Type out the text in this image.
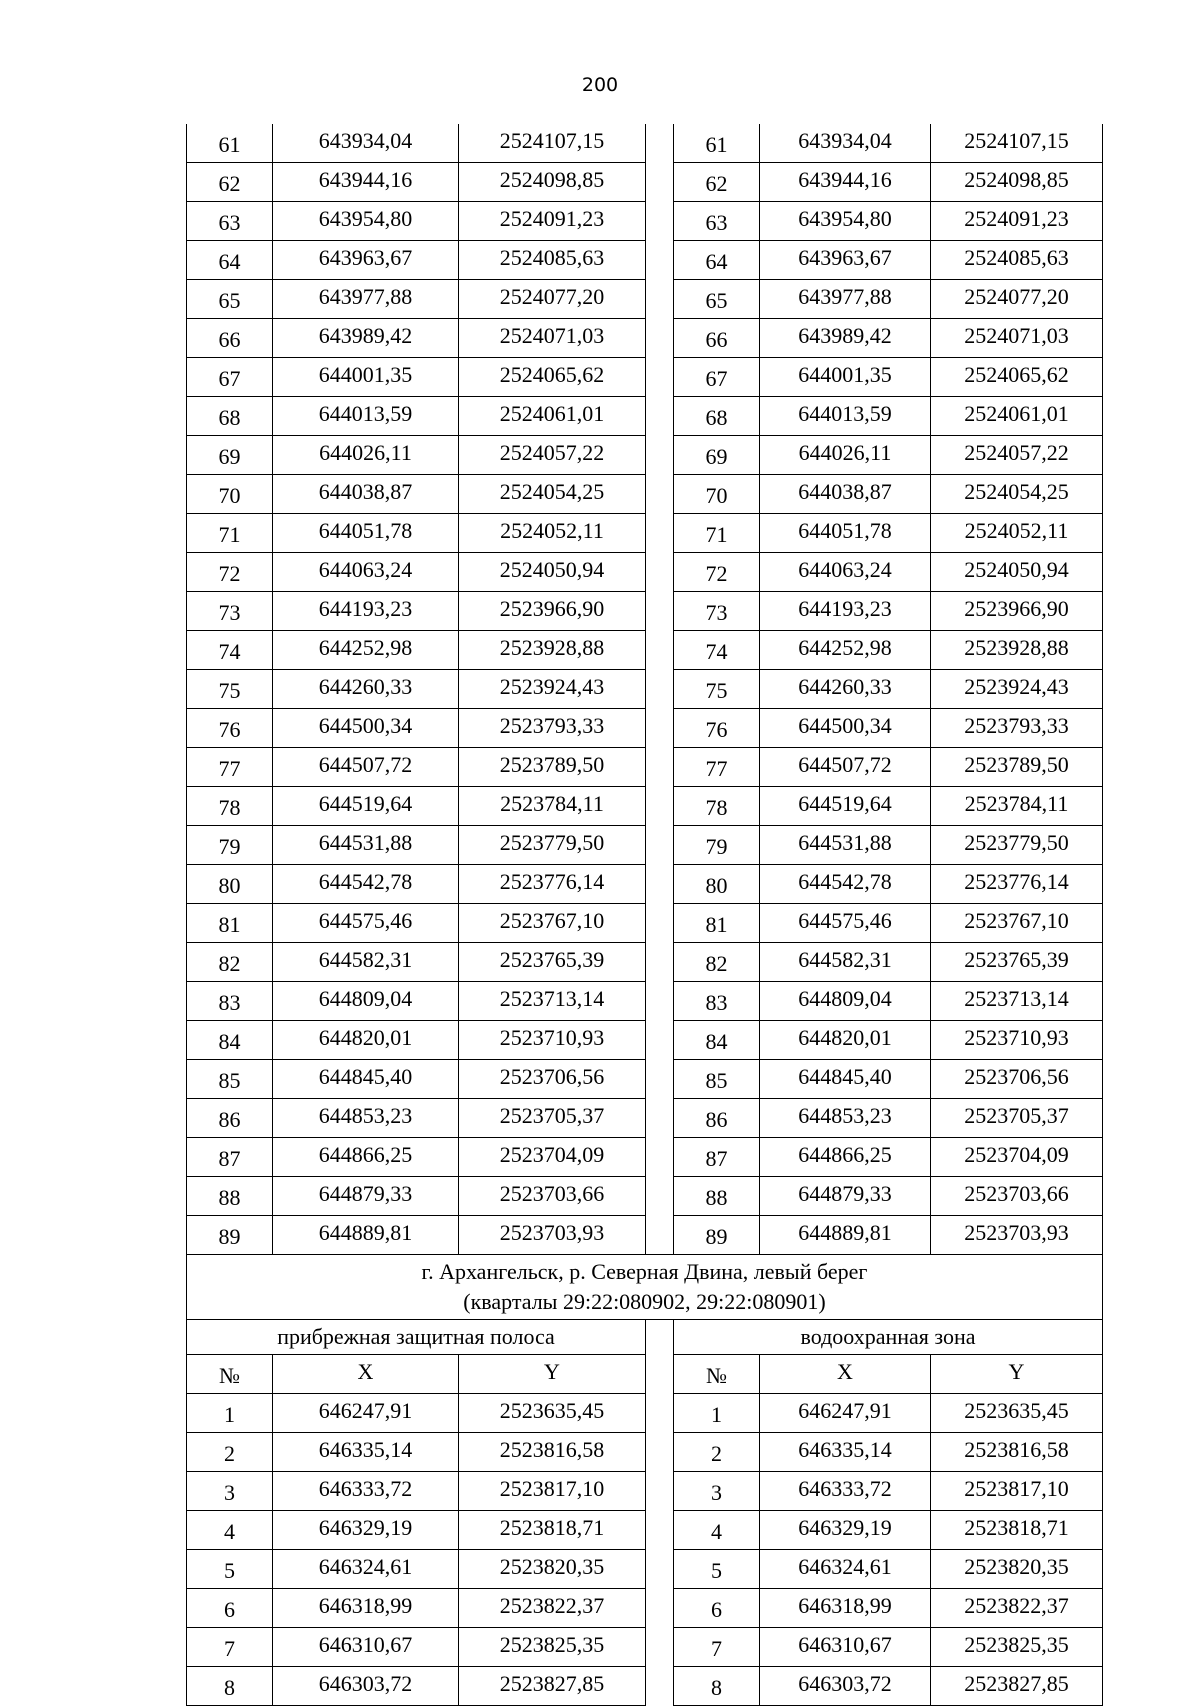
200
61	643934,04	2524107,15		61	643934,04	2524107,15
62	643944,16	2524098,85		62	643944,16	2524098,85
63	643954,80	2524091,23		63	643954,80	2524091,23
64	643963,67	2524085,63		64	643963,67	2524085,63
65	643977,88	2524077,20		65	643977,88	2524077,20
66	643989,42	2524071,03		66	643989,42	2524071,03
67	644001,35	2524065,62		67	644001,35	2524065,62
68	644013,59	2524061,01		68	644013,59	2524061,01
69	644026,11	2524057,22		69	644026,11	2524057,22
70	644038,87	2524054,25		70	644038,87	2524054,25
71	644051,78	2524052,11		71	644051,78	2524052,11
72	644063,24	2524050,94		72	644063,24	2524050,94
73	644193,23	2523966,90		73	644193,23	2523966,90
74	644252,98	2523928,88		74	644252,98	2523928,88
75	644260,33	2523924,43		75	644260,33	2523924,43
76	644500,34	2523793,33		76	644500,34	2523793,33
77	644507,72	2523789,50		77	644507,72	2523789,50
78	644519,64	2523784,11		78	644519,64	2523784,11
79	644531,88	2523779,50		79	644531,88	2523779,50
80	644542,78	2523776,14		80	644542,78	2523776,14
81	644575,46	2523767,10		81	644575,46	2523767,10
82	644582,31	2523765,39		82	644582,31	2523765,39
83	644809,04	2523713,14		83	644809,04	2523713,14
84	644820,01	2523710,93		84	644820,01	2523710,93
85	644845,40	2523706,56		85	644845,40	2523706,56
86	644853,23	2523705,37		86	644853,23	2523705,37
87	644866,25	2523704,09		87	644866,25	2523704,09
88	644879,33	2523703,66		88	644879,33	2523703,66
89	644889,81	2523703,93		89	644889,81	2523703,93

г. Архангельск, р. Северная Двина, левый берег
(кварталы 29:22:080902, 29:22:080901)						

прибрежная защитная полоса				водоохранная зона		
№	X	Y		№	X	Y
1	646247,91	2523635,45		1	646247,91	2523635,45
2	646335,14	2523816,58		2	646335,14	2523816,58
3	646333,72	2523817,10		3	646333,72	2523817,10
4	646329,19	2523818,71		4	646329,19	2523818,71
5	646324,61	2523820,35		5	646324,61	2523820,35
6	646318,99	2523822,37		6	646318,99	2523822,37
7	646310,67	2523825,35		7	646310,67	2523825,35
8	646303,72	2523827,85		8	646303,72	2523827,85
